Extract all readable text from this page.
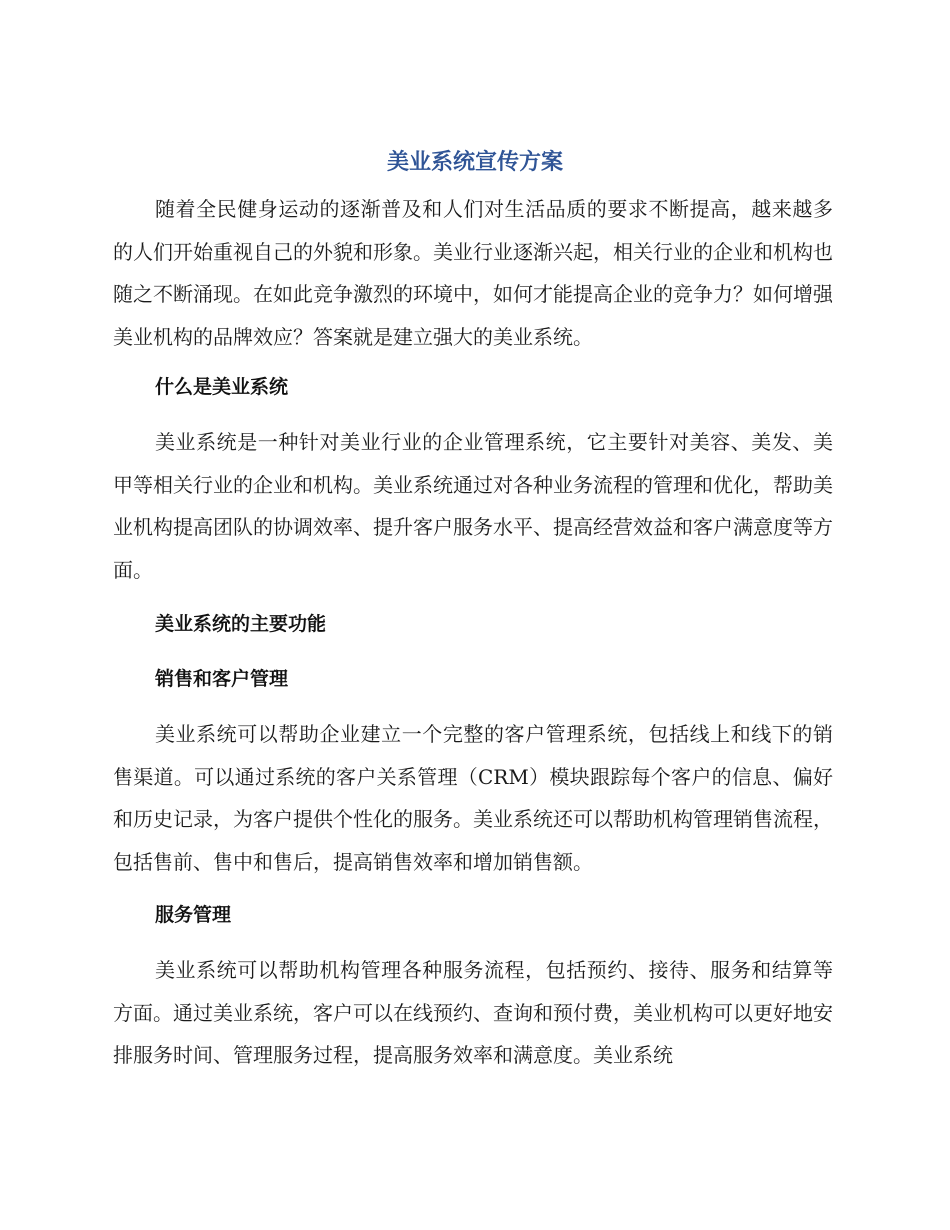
美业系统宣传方案

随着全民健身运动的逐渐普及和人们对生活品质的要求不断提高，越来越多的人们开始重视自己的外貌和形象。美业行业逐渐兴起，相关行业的企业和机构也随之不断涌现。在如此竞争激烈的环境中，如何才能提高企业的竞争力？如何增强美业机构的品牌效应？答案就是建立强大的美业系统。

什么是美业系统

美业系统是一种针对美业行业的企业管理系统，它主要针对美容、美发、美甲等相关行业的企业和机构。美业系统通过对各种业务流程的管理和优化，帮助美业机构提高团队的协调效率、提升客户服务水平、提高经营效益和客户满意度等方面。

美业系统的主要功能
销售和客户管理

美业系统可以帮助企业建立一个完整的客户管理系统，包括线上和线下的销售渠道。可以通过系统的客户关系管理（CRM）模块跟踪每个客户的信息、偏好和历史记录，为客户提供个性化的服务。美业系统还可以帮助机构管理销售流程，包括售前、售中和售后，提高销售效率和增加销售额。

服务管理

美业系统可以帮助机构管理各种服务流程，包括预约、接待、服务和结算等方面。通过美业系统，客户可以在线预约、查询和预付费，美业机构可以更好地安排服务时间、管理服务过程，提高服务效率和满意度。美业系统
